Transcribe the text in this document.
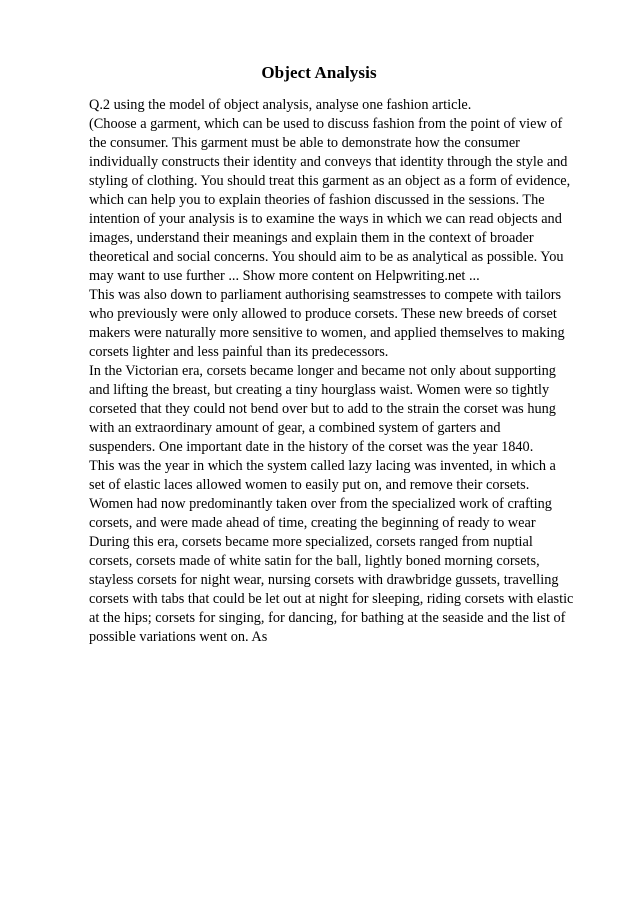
Object Analysis
Q.2 using the model of object analysis, analyse one fashion article.
(Choose a garment, which can be used to discuss fashion from the point of view of
the consumer. This garment must be able to demonstrate how the consumer
individually constructs their identity and conveys that identity through the style and
styling of clothing. You should treat this garment as an object as a form of evidence,
which can help you to explain theories of fashion discussed in the sessions. The
intention of your analysis is to examine the ways in which we can read objects and
images, understand their meanings and explain them in the context of broader
theoretical and social concerns. You should aim to be as analytical as possible. You
may want to use further ... Show more content on Helpwriting.net ...
This was also down to parliament authorising seamstresses to compete with tailors
who previously were only allowed to produce corsets. These new breeds of corset
makers were naturally more sensitive to women, and applied themselves to making
corsets lighter and less painful than its predecessors.
In the Victorian era, corsets became longer and became not only about supporting
and lifting the breast, but creating a tiny hourglass waist. Women were so tightly
corseted that they could not bend over but to add to the strain the corset was hung
with an extraordinary amount of gear, a combined system of garters and
suspenders. One important date in the history of the corset was the year 1840.
This was the year in which the system called lazy lacing was invented, in which a
set of elastic laces allowed women to easily put on, and remove their corsets.
Women had now predominantly taken over from the specialized work of crafting
corsets, and were made ahead of time, creating the beginning of ready to wear
During this era, corsets became more specialized, corsets ranged from nuptial
corsets, corsets made of white satin for the ball, lightly boned morning corsets,
stayless corsets for night wear, nursing corsets with drawbridge gussets, travelling
corsets with tabs that could be let out at night for sleeping, riding corsets with elastic
at the hips; corsets for singing, for dancing, for bathing at the seaside and the list of
possible variations went on. As
